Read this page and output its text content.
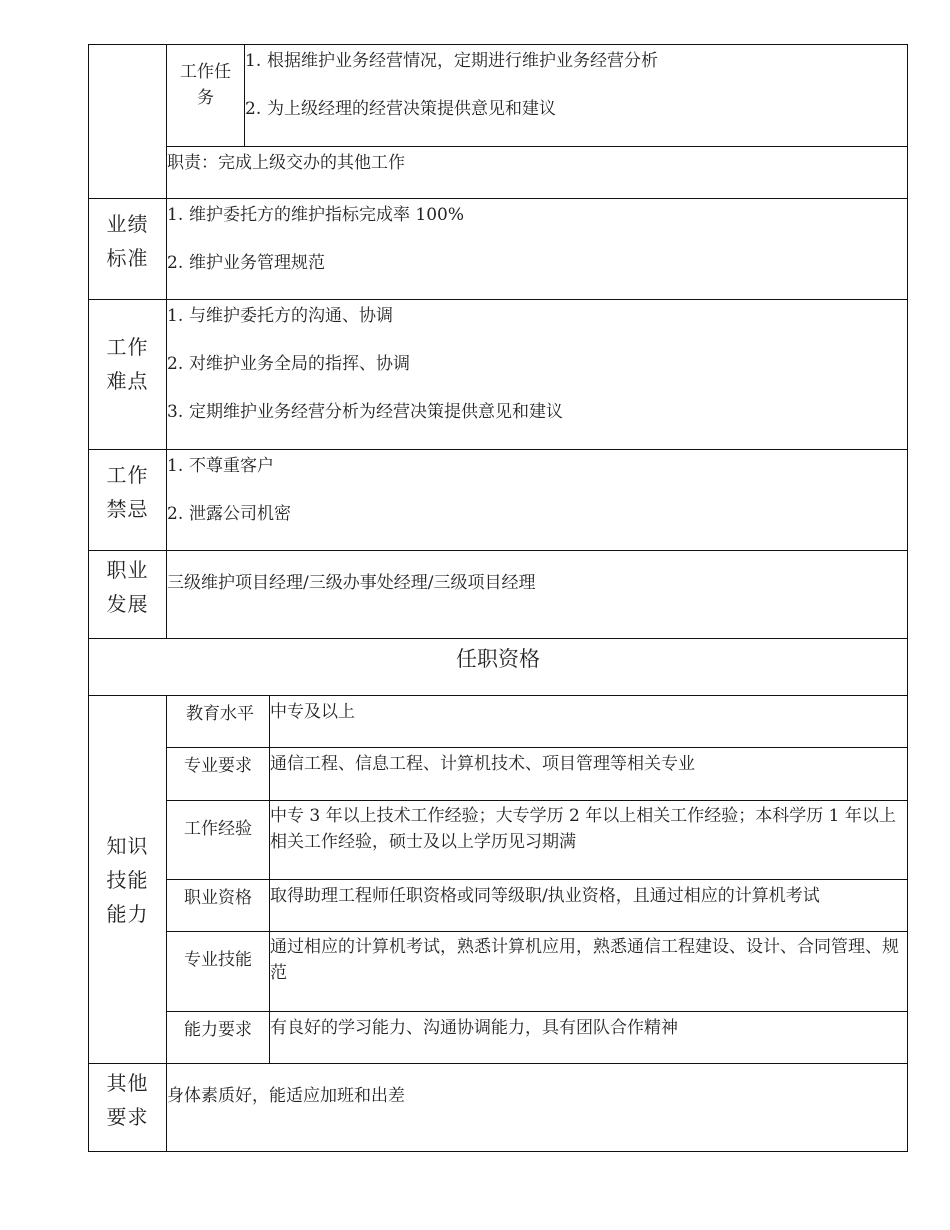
	工作任务	1. 根据维护业务经营情况，定期进行维护业务经营分析
2. 为上级经理的经营决策提供意见和建议	

	职责：完成上级交办的其他工作		

业绩标准	1. 维护委托方的维护指标完成率 100%
2. 维护业务管理规范		

工作难点	1. 与维护委托方的沟通、协调
2. 对维护业务全局的指挥、协调
3. 定期维护业务经营分析为经营决策提供意见和建议		

工作禁忌	1. 不尊重客户
2. 泄露公司机密		

职业发展	三级维护项目经理/三级办事处经理/三级项目经理		
任职资格			

知识技能能力	教育水平		中专及以上
	专业要求		通信工程、信息工程、计算机技术、项目管理等相关专业
	工作经验		中专 3 年以上技术工作经验；大专学历 2 年以上相关工作经验；本科学历 1 年以上相关工作经验，硕士及以上学历见习期满
	职业资格		取得助理工程师任职资格或同等级职/执业资格，且通过相应的计算机考试
	专业技能		通过相应的计算机考试，熟悉计算机应用，熟悉通信工程建设、设计、合同管理、规范
	能力要求		有良好的学习能力、沟通协调能力，具有团队合作精神

其他要求	身体素质好，能适应加班和出差		
